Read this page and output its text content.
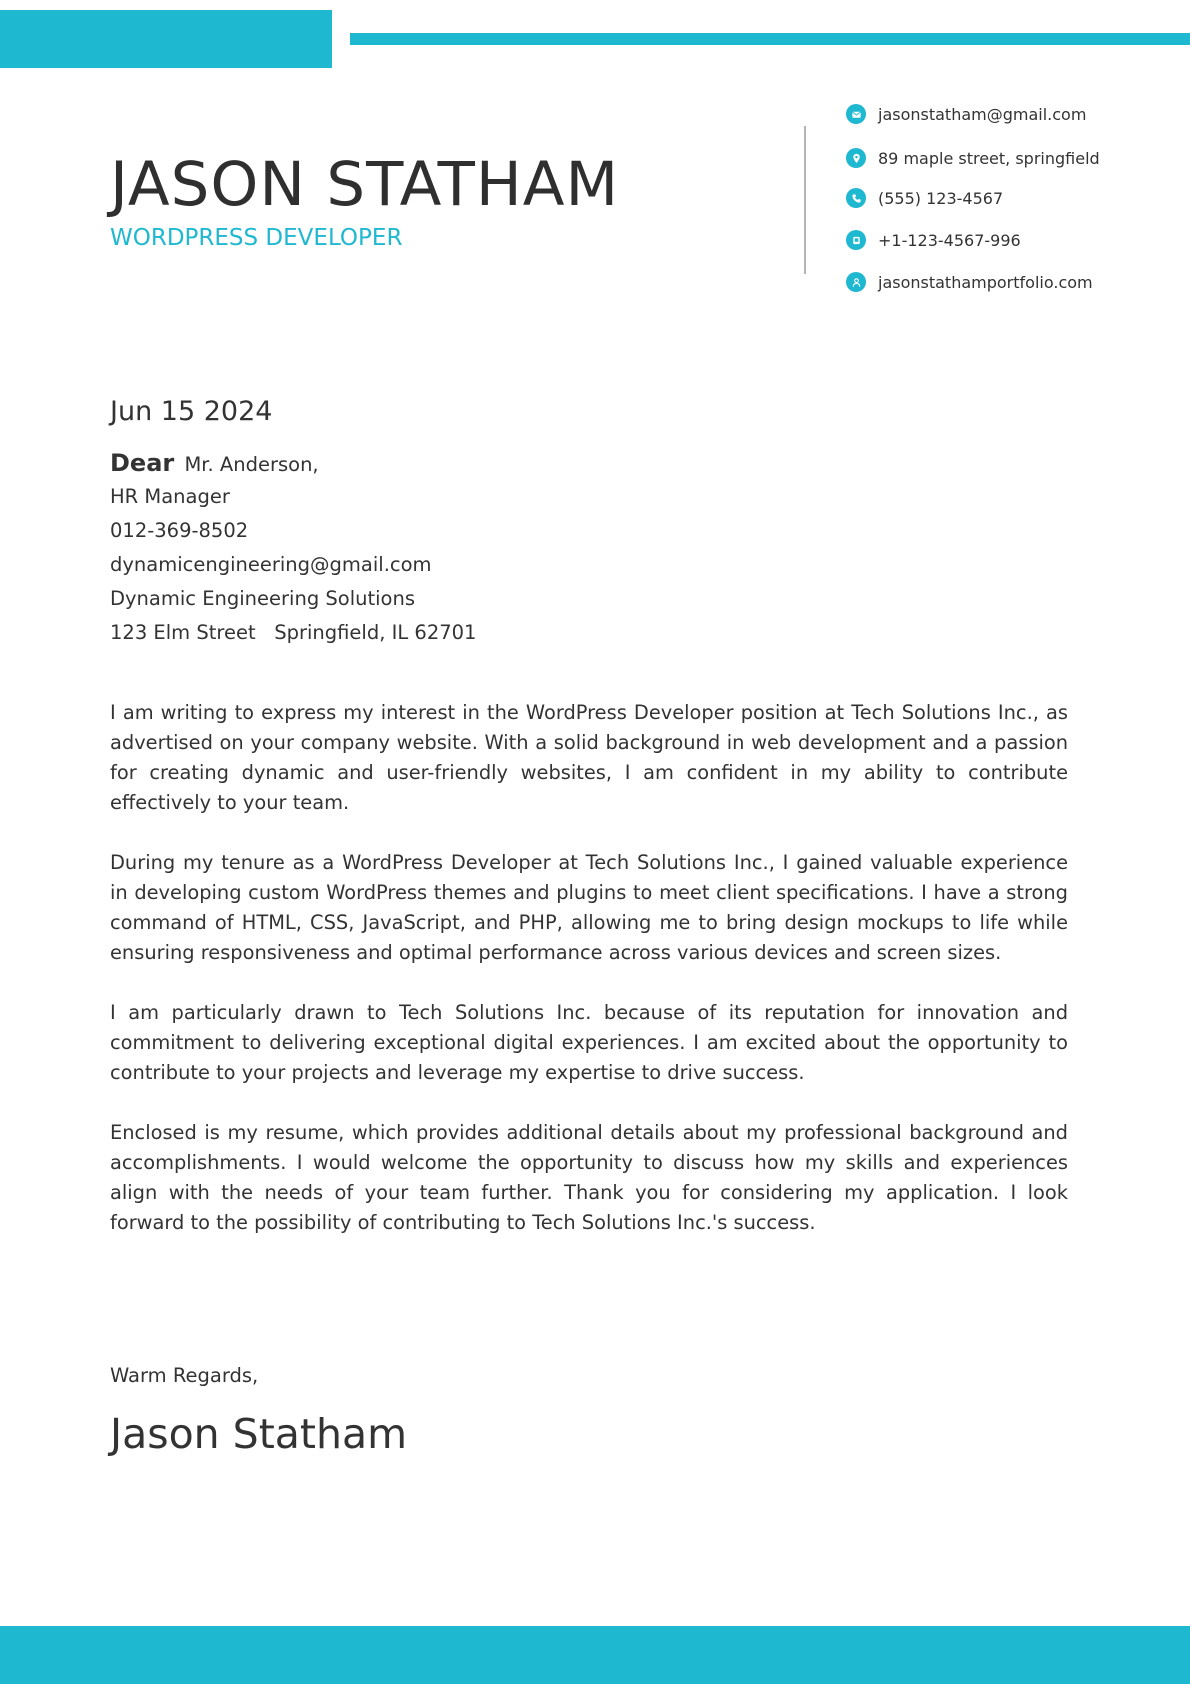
JASON STATHAM
WORDPRESS DEVELOPER
jasonstatham@gmail.com
89 maple street, springfield
(555) 123-4567
+1-123-4567-996
jasonstathamportfolio.com
Jun 15 2024
Dear Mr. Anderson,
HR Manager
012-369-8502
dynamicengineering@gmail.com
Dynamic Engineering Solutions
123 Elm Street   Springfield, IL 62701

I am writing to express my interest in the WordPress Developer position at Tech Solutions Inc., as advertised on your company website. With a solid background in web development and a passion for creating dynamic and user-friendly websites, I am confident in my ability to contribute effectively to your team.

During my tenure as a WordPress Developer at Tech Solutions Inc., I gained valuable experience in developing custom WordPress themes and plugins to meet client specifications. I have a strong command of HTML, CSS, JavaScript, and PHP, allowing me to bring design mockups to life while ensuring responsiveness and optimal performance across various devices and screen sizes.

I am particularly drawn to Tech Solutions Inc. because of its reputation for innovation and commitment to delivering exceptional digital experiences. I am excited about the opportunity to contribute to your projects and leverage my expertise to drive success.

Enclosed is my resume, which provides additional details about my professional background and accomplishments. I would welcome the opportunity to discuss how my skills and experiences align with the needs of your team further. Thank you for considering my application. I look forward to the possibility of contributing to Tech Solutions Inc.'s success.

Warm Regards,
Jason Statham
